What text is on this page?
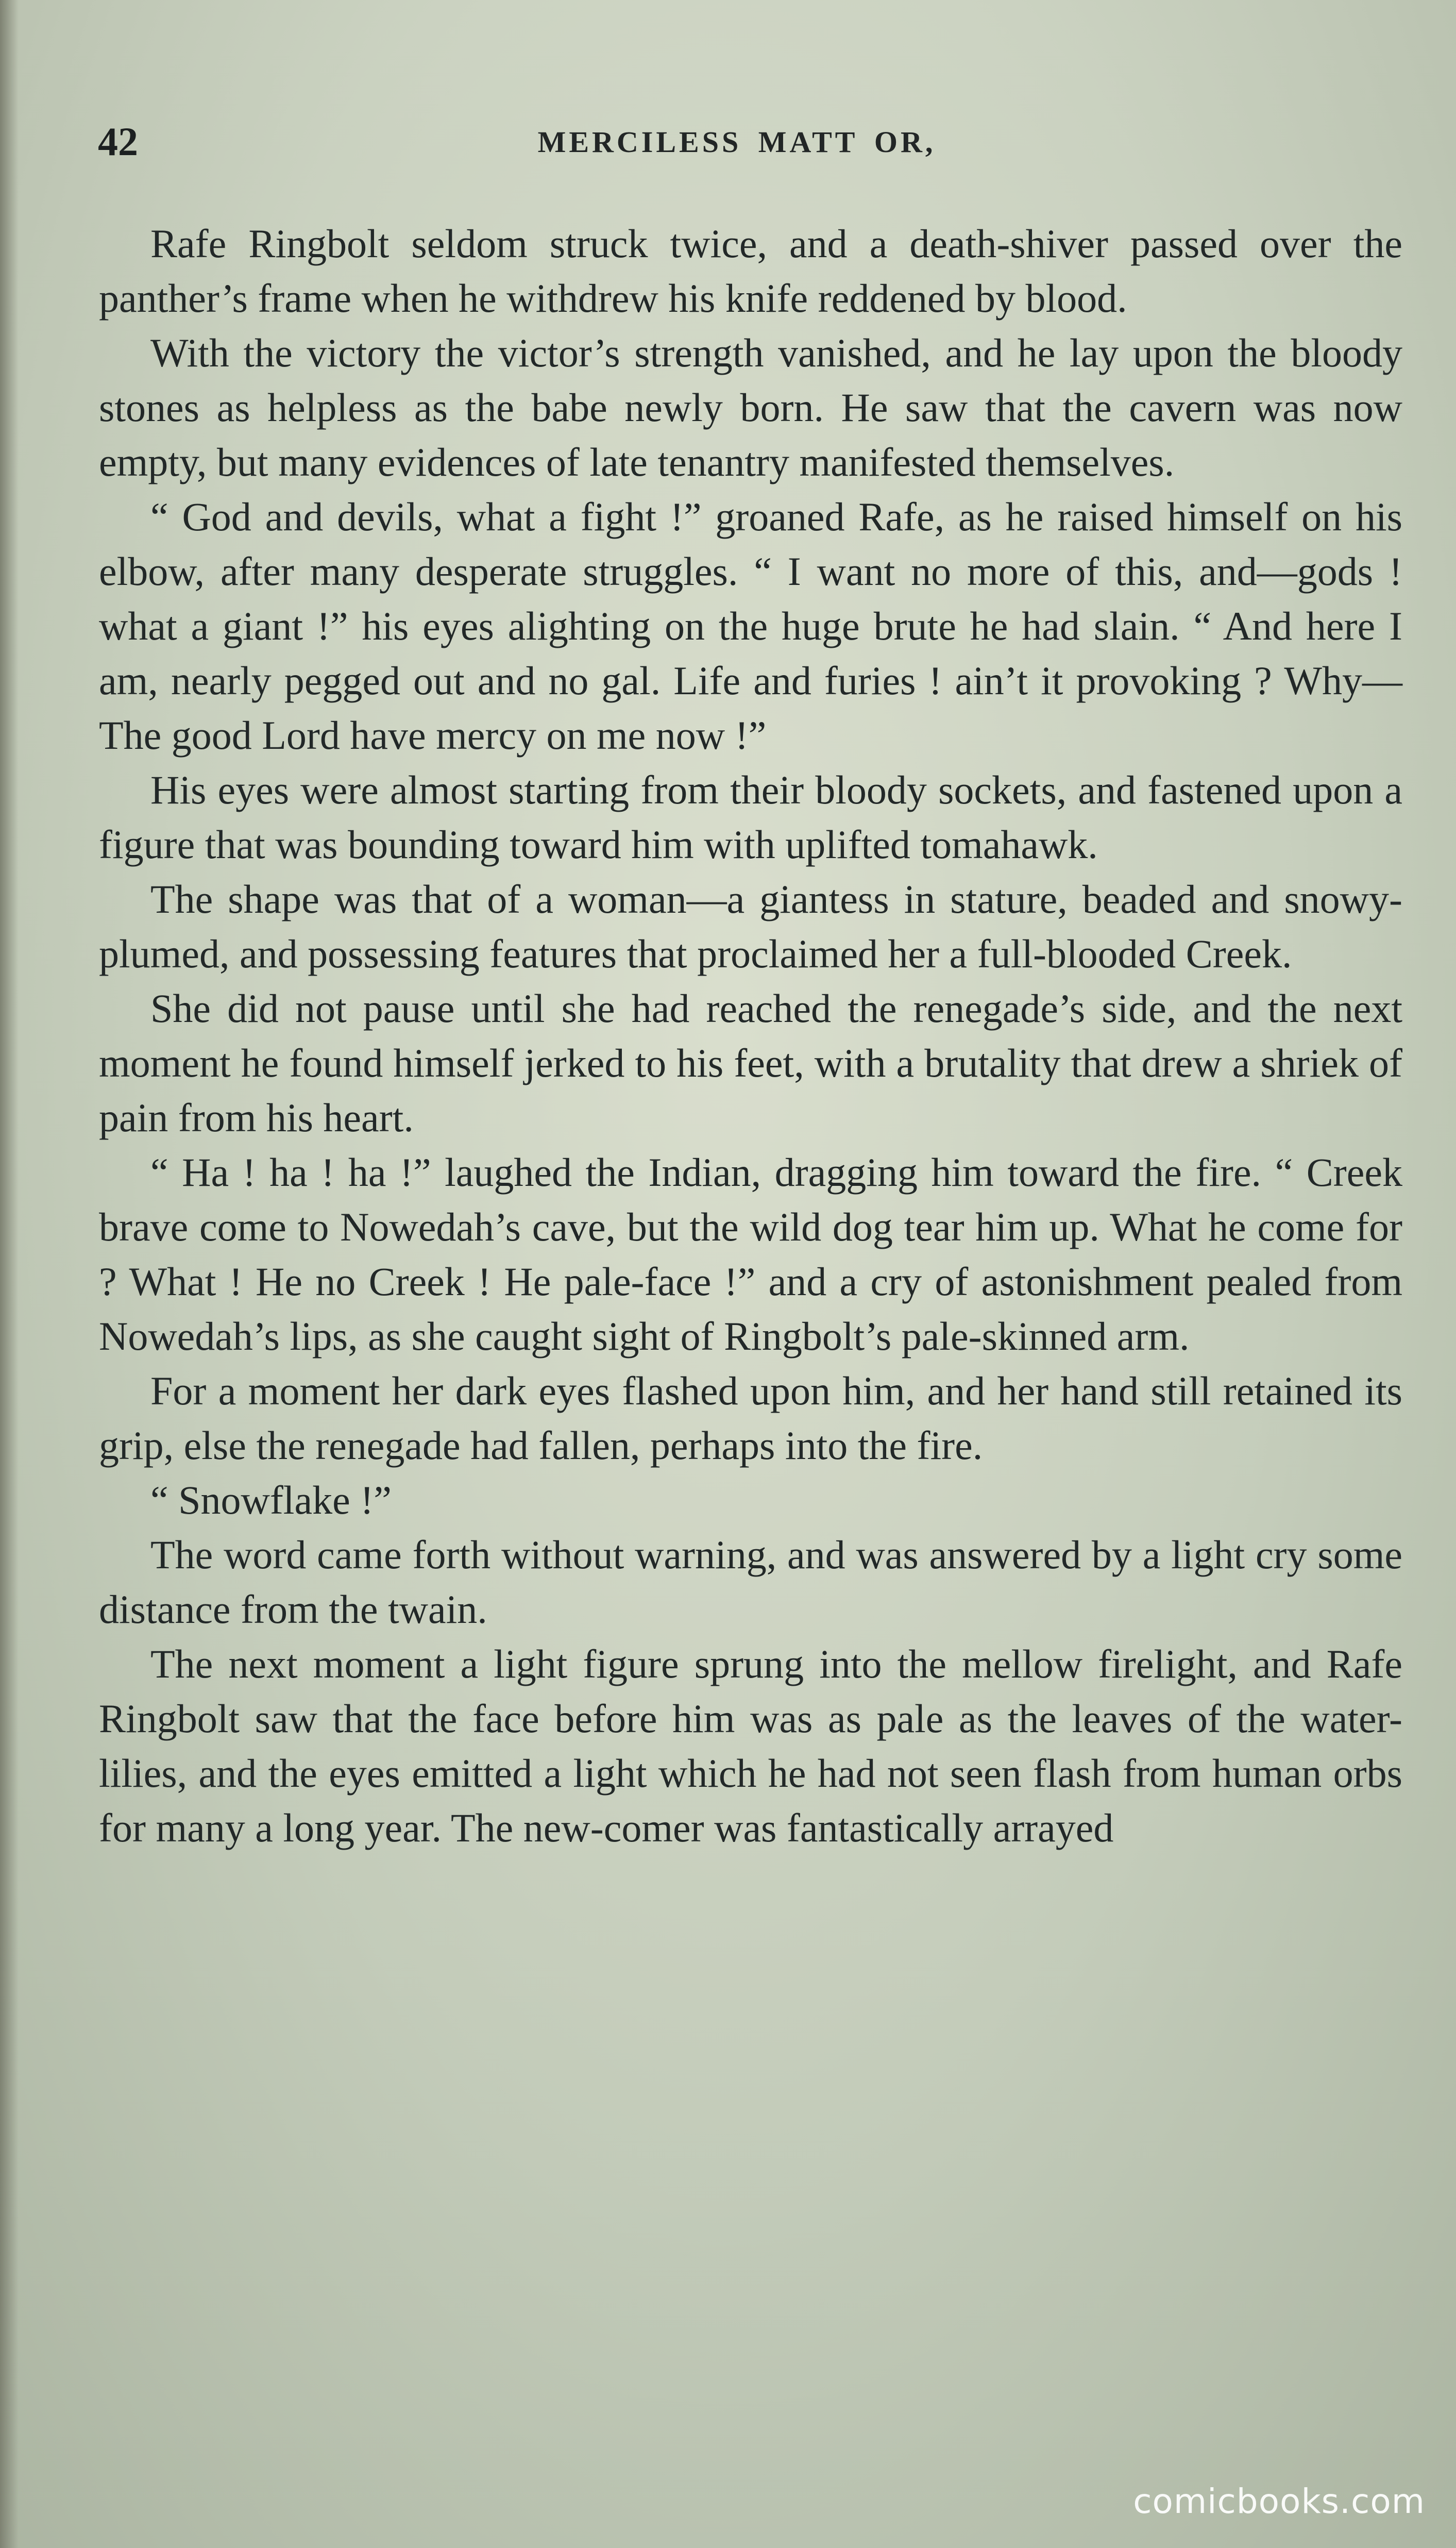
42	MERCILESS MATT OR,

Rafe Ringbolt seldom struck twice, and a death-shiver passed over the panther’s frame when he withdrew his knife reddened by blood.

With the victory the victor’s strength vanished, and he lay upon the bloody stones as helpless as the babe newly born. He saw that the cavern was now empty, but many evidences of late tenantry manifested themselves.

“ God and devils, what a fight !” groaned Rafe, as he raised himself on his elbow, after many desperate struggles. “ I want no more of this, and—gods ! what a giant !” his eyes alighting on the huge brute he had slain. “ And here I am, nearly pegged out and no gal. Life and furies ! ain’t it provoking ? Why— The good Lord have mercy on me now !”

His eyes were almost starting from their bloody sockets, and fastened upon a figure that was bounding toward him with uplifted tomahawk.

The shape was that of a woman—a giantess in stature, beaded and snowy-plumed, and possessing features that proclaimed her a full-blooded Creek.

She did not pause until she had reached the renegade’s side, and the next moment he found himself jerked to his feet, with a brutality that drew a shriek of pain from his heart.

“ Ha ! ha ! ha !” laughed the Indian, dragging him toward the fire. “ Creek brave come to Nowedah’s cave, but the wild dog tear him up. What he come for ? What ! He no Creek ! He pale-face !” and a cry of astonishment pealed from Nowedah’s lips, as she caught sight of Ringbolt’s pale-skinned arm.

For a moment her dark eyes flashed upon him, and her hand still retained its grip, else the renegade had fallen, perhaps into the fire.

“ Snowflake !”

The word came forth without warning, and was answered by a light cry some distance from the twain.

The next moment a light figure sprung into the mellow firelight, and Rafe Ringbolt saw that the face before him was as pale as the leaves of the water-lilies, and the eyes emitted a light which he had not seen flash from human orbs for many a long year. The new-comer was fantastically arrayed

comicbooks.com
